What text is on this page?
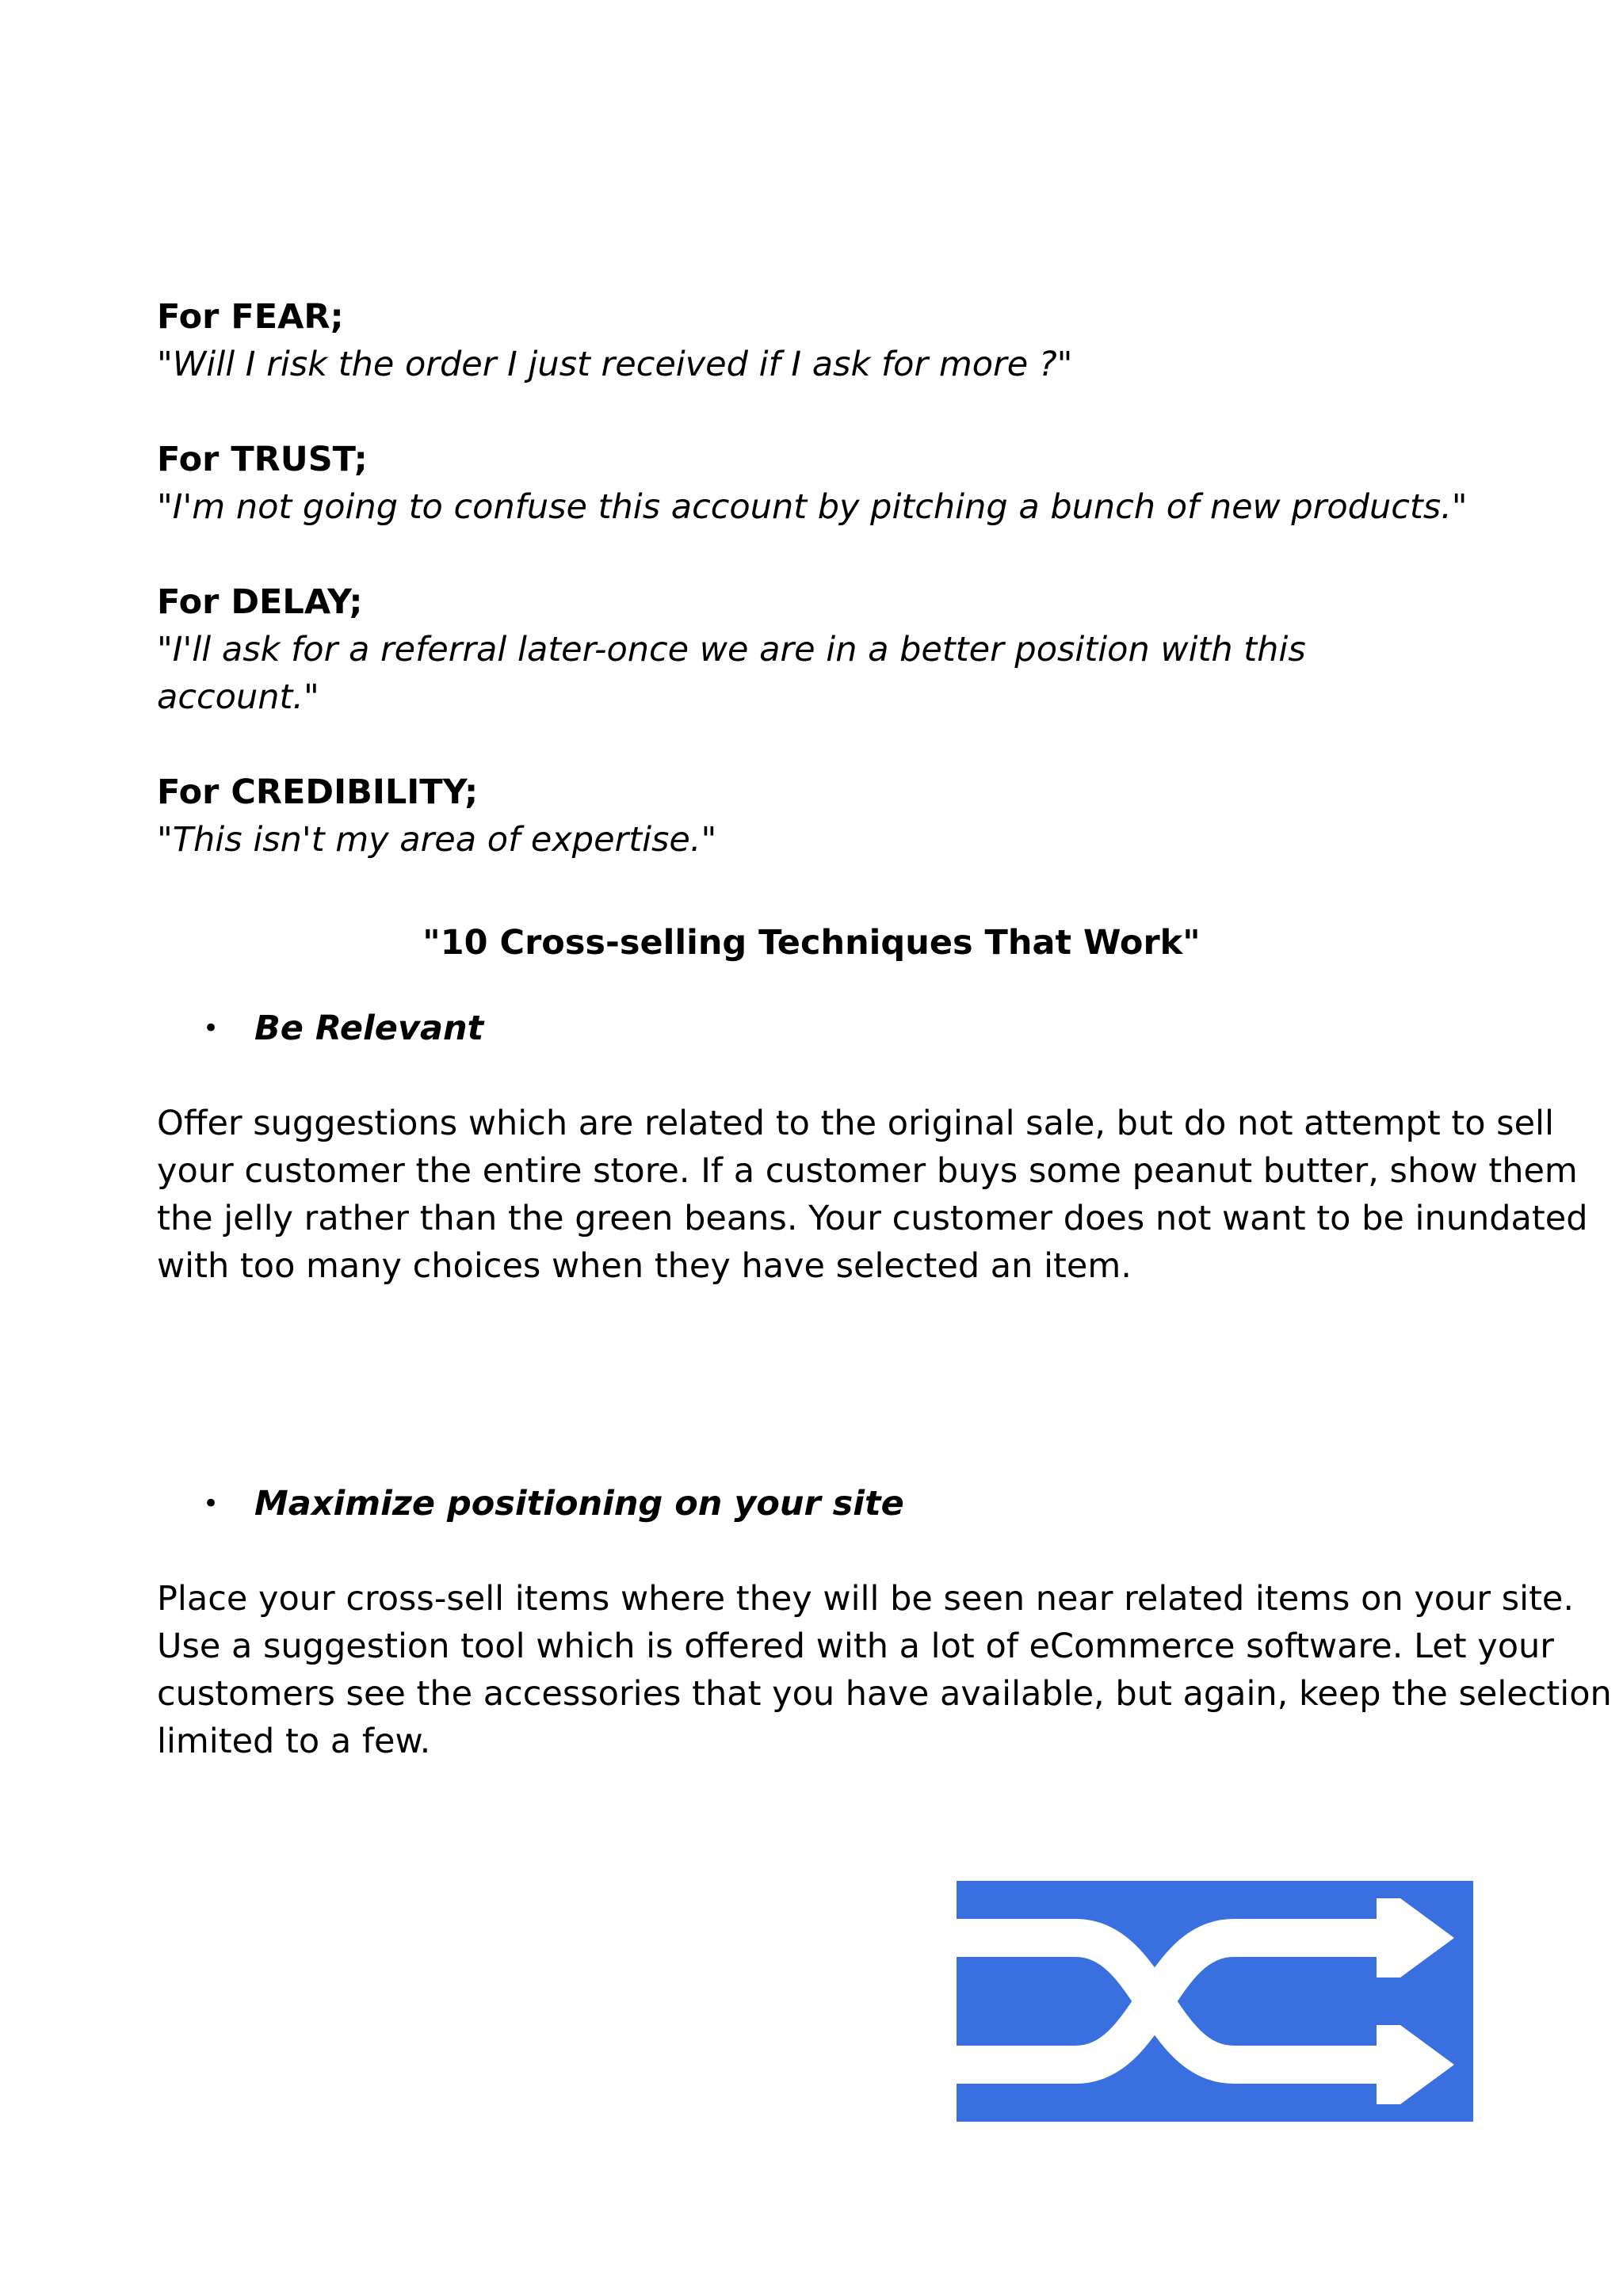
For FEAR;

"Will I risk the order I just received if I ask for more ?"

For TRUST;

"I'm not going to confuse this account by pitching a bunch of new products."

For DELAY;

"I'll ask for a referral later-once we are in a better position with this account."

For CREDIBILITY;

"This isn't my area of expertise."

"10 Cross-selling Techniques That Work"
• Be Relevant

Offer suggestions which are related to the original sale, but do not attempt to sell

your customer the entire store. If a customer buys some peanut butter, show them

the jelly rather than the green beans. Your customer does not want to be inundated

with too many choices when they have selected an item.

• Maximize positioning on your site

Place your cross-sell items where they will be seen near related items on your site.

Use a suggestion tool which is offered with a lot of eCommerce software. Let your

customers see the accessories that you have available, but again, keep the selection

limited to a few.
